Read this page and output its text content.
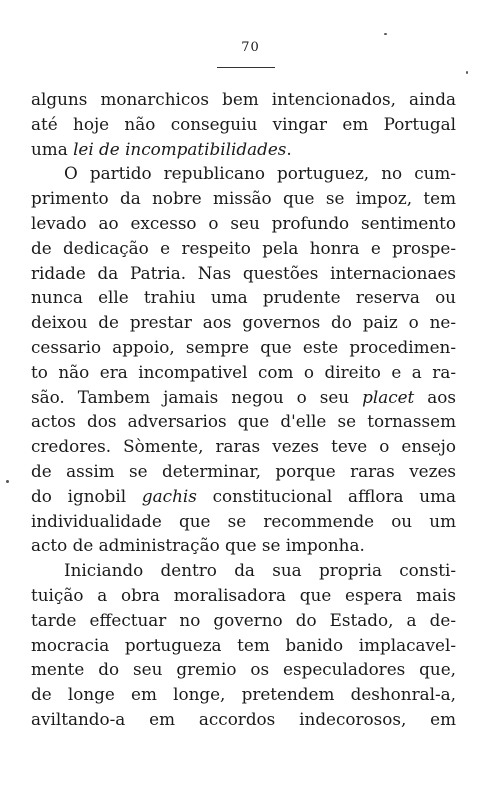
70
alguns monarchicos bem intencionados, ainda
até hoje não conseguiu vingar em Portugal
uma lei de incompatibilidades.
O partido republicano portuguez, no cum-
primento da nobre missão que se impoz, tem
levado ao excesso o seu profundo sentimento
de dedicação e respeito pela honra e prospe-
ridade da Patria. Nas questões internacionaes
nunca elle trahiu uma prudente reserva ou
deixou de prestar aos governos do paiz o ne-
cessario appoio, sempre que este procedimen-
to não era incompativel com o direito e a ra-
são. Tambem jamais negou o seu placet aos
actos dos adversarios que d'elle se tornassem
credores. Sòmente, raras vezes teve o ensejo
de assim se determinar, porque raras vezes
do ignobil gachis constitucional afflora uma
individualidade que se recommende ou um
acto de administração que se imponha.
Iniciando dentro da sua propria consti-
tuição a obra moralisadora que espera mais
tarde effectuar no governo do Estado, a de-
mocracia portugueza tem banido implacavel-
mente do seu gremio os especuladores que,
de longe em longe, pretendem deshonral-a,
aviltando-a em accordos indecorosos, em
